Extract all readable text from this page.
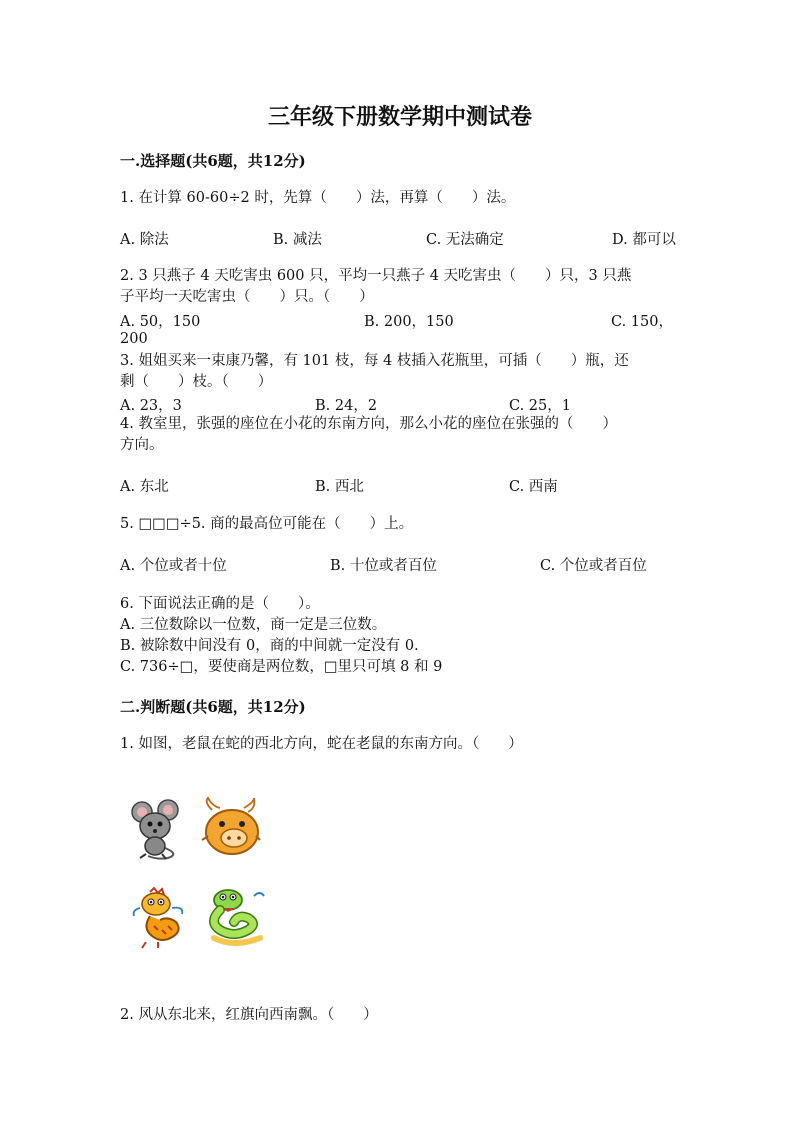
三年级下册数学期中测试卷
一.选择题(共6题，共12分)
1. 在计算 60-60÷2 时，先算（　　）法，再算（　　）法。
A. 除法	B. 减法	C. 无法确定	D. 都可以
2. 3 只燕子 4 天吃害虫 600 只，平均一只燕子 4 天吃害虫（　　）只，3 只燕
子平均一天吃害虫（　　）只。（　　）
A. 50，150	B. 200，150	C. 150，
200
3. 姐姐买来一束康乃馨，有 101 枝，每 4 枝插入花瓶里，可插（　　）瓶，还
剩（　　）枝。（　　）
A. 23，3	B. 24，2	C. 25，1
4. 教室里，张强的座位在小花的东南方向，那么小花的座位在张强的（　　）
方向。
A. 东北	B. 西北	C. 西南
5. □□□÷5. 商的最高位可能在（　　）上。
A. 个位或者十位	B. 十位或者百位	C. 个位或者百位
6. 下面说法正确的是（　　）。
A. 三位数除以一位数，商一定是三位数。
B. 被除数中间没有 0，商的中间就一定没有 0.
C. 736÷□，要使商是两位数，□里只可填 8 和 9
二.判断题(共6题，共12分)
1. 如图，老鼠在蛇的西北方向，蛇在老鼠的东南方向。（　　）
2. 风从东北来，红旗向西南飘。（　　）
